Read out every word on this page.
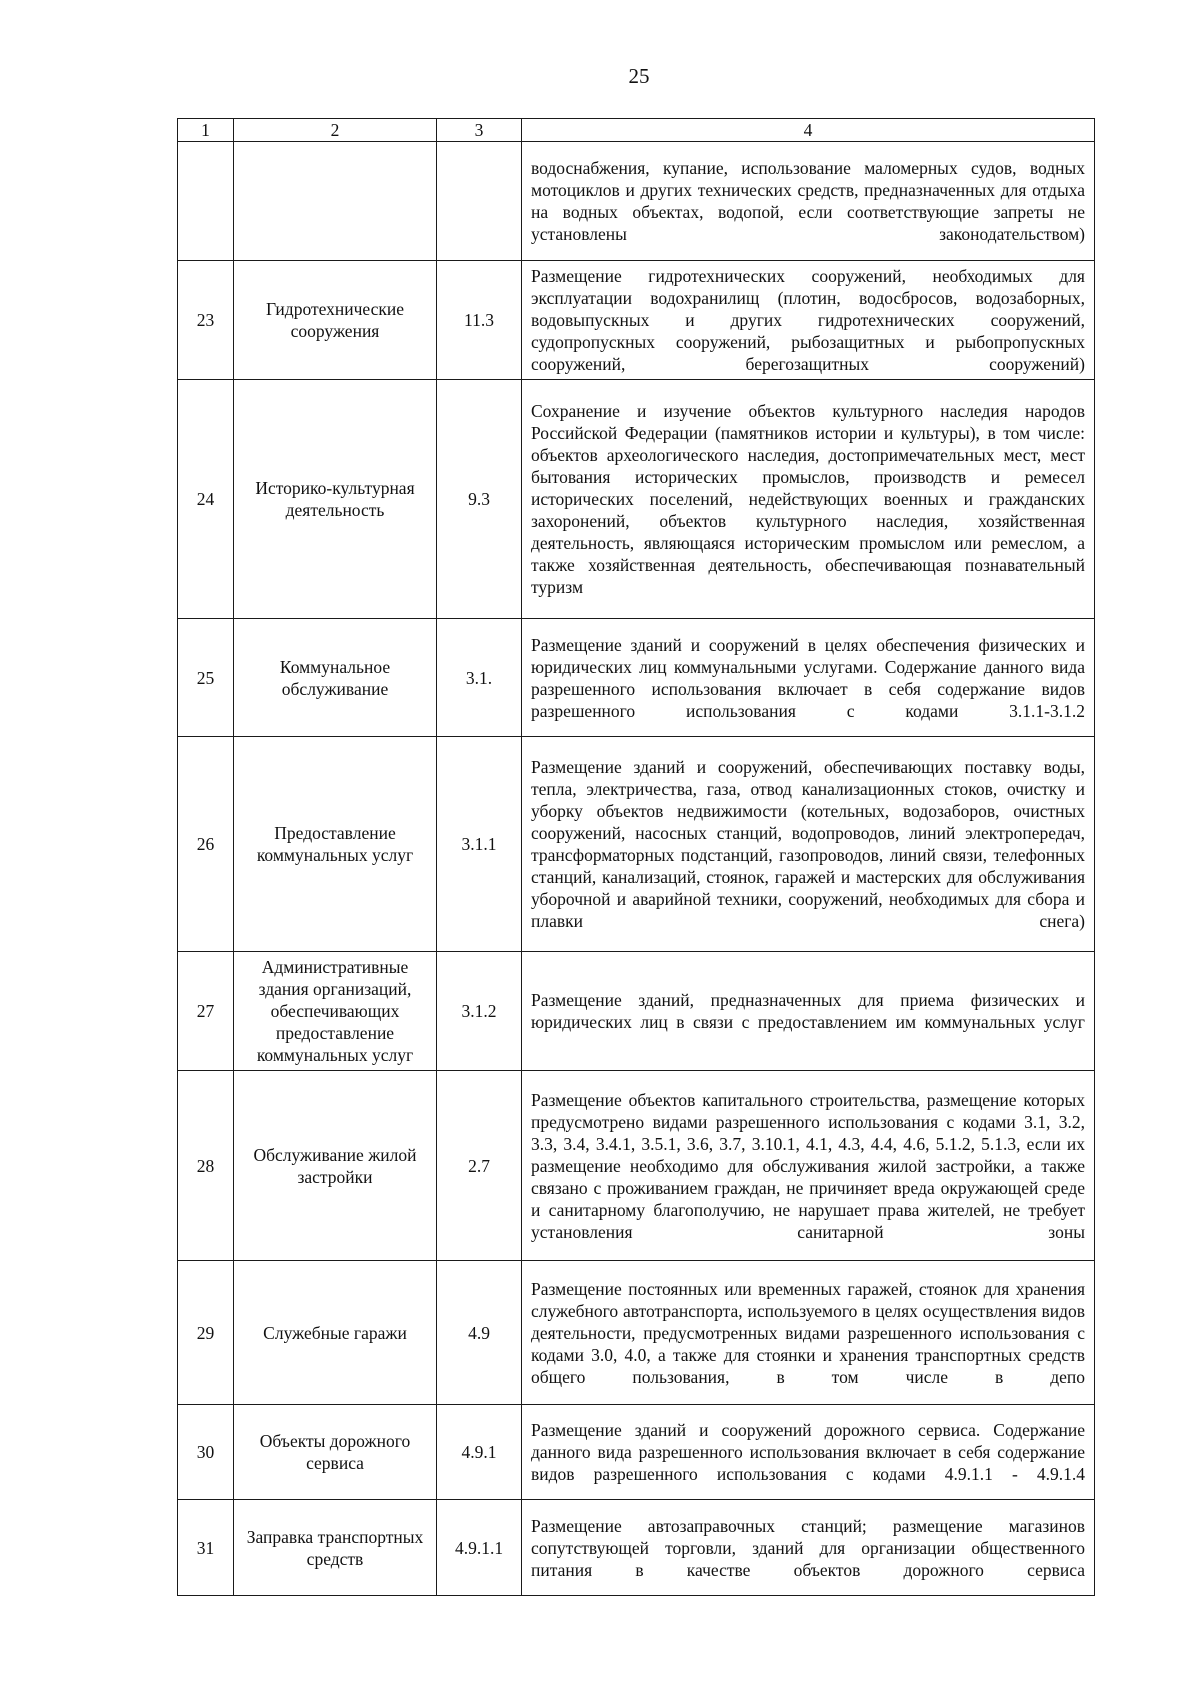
25
1	2	3	4
			водоснабжения, купание, использование маломерных судов, водных мотоциклов и других технических средств, предназначенных для отдыха на водных объектах, водопой, если соответствующие запреты не установлены законодательством)
23	Гидротехнические сооружения	11.3	Размещение гидротехнических сооружений, необходимых для эксплуатации водохранилищ (плотин, водосбросов, водозаборных, водовыпускных и других гидротехнических сооружений, судопропускных сооружений, рыбозащитных и рыбопропускных сооружений, берегозащитных сооружений)
24	Историко-культурная деятельность	9.3	Сохранение и изучение объектов культурного наследия народов Российской Федерации (памятников истории и культуры), в том числе: объектов археологического наследия, достопримечательных мест, мест бытования исторических промыслов, производств и ремесел исторических поселений, недействующих военных и гражданских захоронений, объектов культурного наследия, хозяйственная деятельность, являющаяся историческим промыслом или ремеслом, а также хозяйственная деятельность, обеспечивающая познавательный туризм
25	Коммунальное обслуживание	3.1.	Размещение зданий и сооружений в целях обеспечения физических и юридических лиц коммунальными услугами. Содержание данного вида разрешенного использования включает в себя содержание видов разрешенного использования с кодами 3.1.1-3.1.2
26	Предоставление коммунальных услуг	3.1.1	Размещение зданий и сооружений, обеспечивающих поставку воды, тепла, электричества, газа, отвод канализационных стоков, очистку и уборку объектов недвижимости (котельных, водозаборов, очистных сооружений, насосных станций, водопроводов, линий электропередач, трансформаторных подстанций, газопроводов, линий связи, телефонных станций, канализаций, стоянок, гаражей и мастерских для обслуживания уборочной и аварийной техники, сооружений, необходимых для сбора и плавки снега)
27	Административные здания организаций, обеспечивающих предоставление коммунальных услуг	3.1.2	Размещение зданий, предназначенных для приема физических и юридических лиц в связи с предоставлением им коммунальных услуг
28	Обслуживание жилой застройки	2.7	Размещение объектов капитального строительства, размещение которых предусмотрено видами разрешенного использования с кодами 3.1, 3.2, 3.3, 3.4, 3.4.1, 3.5.1, 3.6, 3.7, 3.10.1, 4.1, 4.3, 4.4, 4.6, 5.1.2, 5.1.3, если их размещение необходимо для обслуживания жилой застройки, а также связано с проживанием граждан, не причиняет вреда окружающей среде и санитарному благополучию, не нарушает права жителей, не требует установления санитарной зоны
29	Служебные гаражи	4.9	Размещение постоянных или временных гаражей, стоянок для хранения служебного автотранспорта, используемого в целях осуществления видов деятельности, предусмотренных видами разрешенного использования с кодами 3.0, 4.0, а также для стоянки и хранения транспортных средств общего пользования, в том числе в депо
30	Объекты дорожного сервиса	4.9.1	Размещение зданий и сооружений дорожного сервиса. Содержание данного вида разрешенного использования включает в себя содержание видов разрешенного использования с кодами 4.9.1.1 - 4.9.1.4
31	Заправка транспортных средств	4.9.1.1	Размещение автозаправочных станций; размещение магазинов сопутствующей торговли, зданий для организации общественного питания в качестве объектов дорожного сервиса
